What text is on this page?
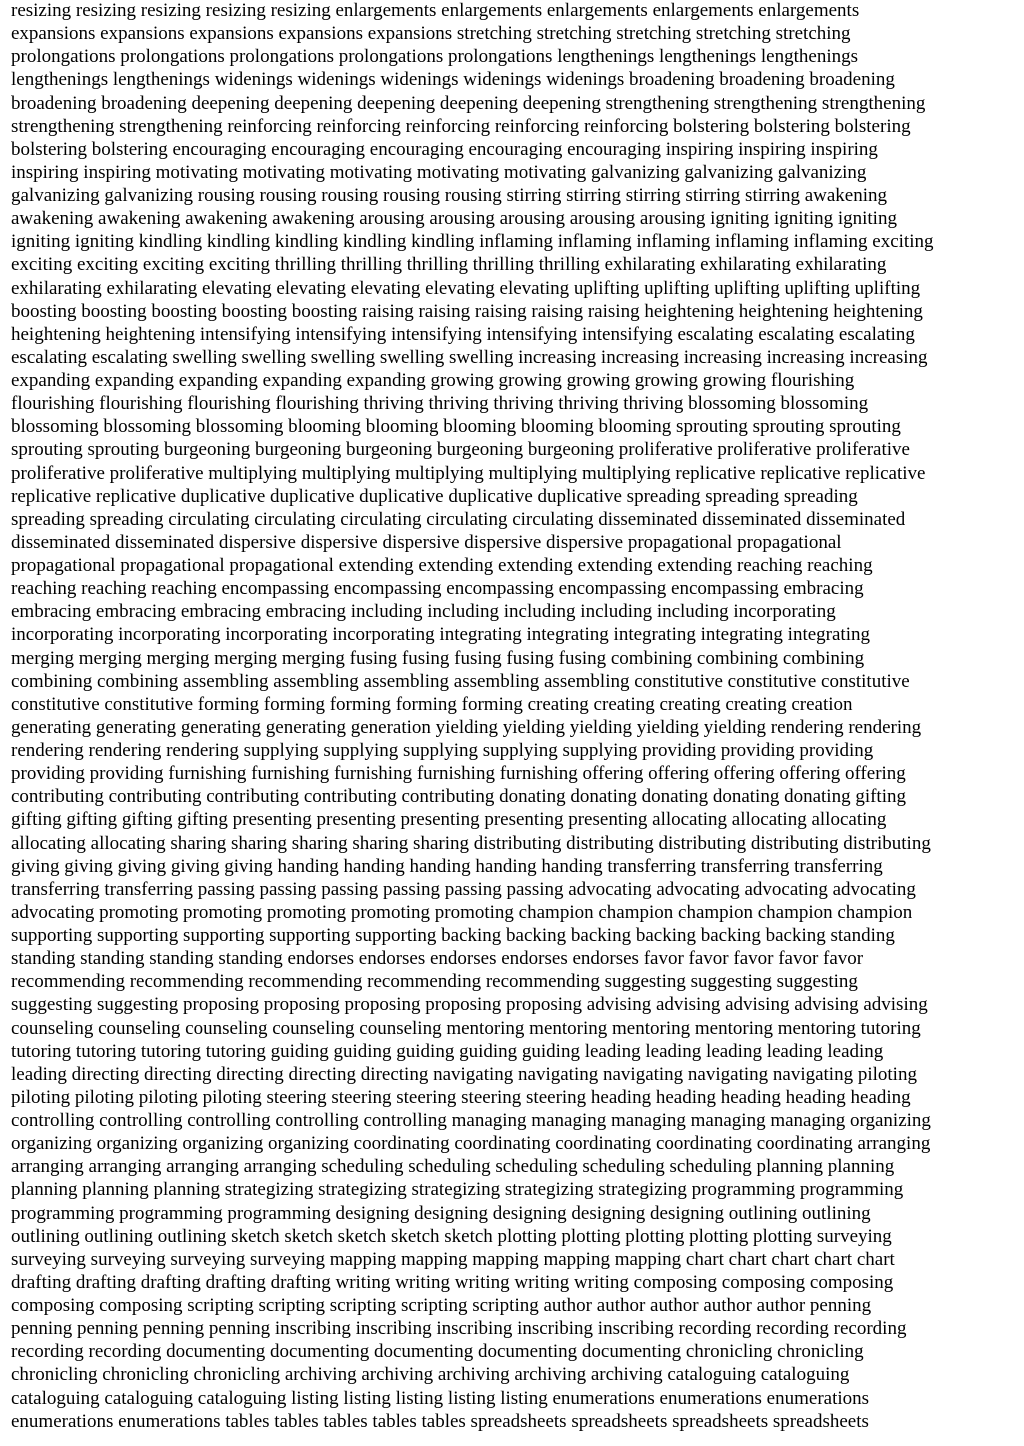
resizing resizing resizing resizing resizing enlargements enlargements enlargements enlargements enlargements
expansions expansions expansions expansions expansions stretching stretching stretching stretching stretching
prolongations prolongations prolongations prolongations prolongations lengthenings lengthenings lengthenings
lengthenings lengthenings widenings widenings widenings widenings widenings broadening broadening broadening
broadening broadening deepening deepening deepening deepening deepening strengthening strengthening strengthening
strengthening strengthening reinforcing reinforcing reinforcing reinforcing reinforcing bolstering bolstering bolstering
bolstering bolstering encouraging encouraging encouraging encouraging encouraging inspiring inspiring inspiring
inspiring inspiring motivating motivating motivating motivating motivating galvanizing galvanizing galvanizing
galvanizing galvanizing rousing rousing rousing rousing rousing stirring stirring stirring stirring stirring awakening
awakening awakening awakening awakening arousing arousing arousing arousing arousing igniting igniting igniting
igniting igniting kindling kindling kindling kindling kindling inflaming inflaming inflaming inflaming inflaming exciting
exciting exciting exciting exciting thrilling thrilling thrilling thrilling thrilling exhilarating exhilarating exhilarating
exhilarating exhilarating elevating elevating elevating elevating elevating uplifting uplifting uplifting uplifting uplifting
boosting boosting boosting boosting boosting raising raising raising raising raising heightening heightening heightening
heightening heightening intensifying intensifying intensifying intensifying intensifying escalating escalating escalating
escalating escalating swelling swelling swelling swelling swelling increasing increasing increasing increasing increasing
expanding expanding expanding expanding expanding growing growing growing growing growing flourishing
flourishing flourishing flourishing flourishing thriving thriving thriving thriving thriving blossoming blossoming
blossoming blossoming blossoming blooming blooming blooming blooming blooming sprouting sprouting sprouting
sprouting sprouting burgeoning burgeoning burgeoning burgeoning burgeoning proliferative proliferative proliferative
proliferative proliferative multiplying multiplying multiplying multiplying multiplying replicative replicative replicative
replicative replicative duplicative duplicative duplicative duplicative duplicative spreading spreading spreading
spreading spreading circulating circulating circulating circulating circulating disseminated disseminated disseminated
disseminated disseminated dispersive dispersive dispersive dispersive dispersive propagational propagational
propagational propagational propagational extending extending extending extending extending reaching reaching
reaching reaching reaching encompassing encompassing encompassing encompassing encompassing embracing
embracing embracing embracing embracing including including including including including incorporating
incorporating incorporating incorporating incorporating integrating integrating integrating integrating integrating
merging merging merging merging merging fusing fusing fusing fusing fusing combining combining combining
combining combining assembling assembling assembling assembling assembling constitutive constitutive constitutive
constitutive constitutive forming forming forming forming forming creating creating creating creating creation
generating generating generating generating generation yielding yielding yielding yielding yielding rendering rendering
rendering rendering rendering supplying supplying supplying supplying supplying providing providing providing
providing providing furnishing furnishing furnishing furnishing furnishing offering offering offering offering offering
contributing contributing contributing contributing contributing donating donating donating donating donating gifting
gifting gifting gifting gifting presenting presenting presenting presenting presenting allocating allocating allocating
allocating allocating sharing sharing sharing sharing sharing distributing distributing distributing distributing distributing
giving giving giving giving giving handing handing handing handing handing transferring transferring transferring
transferring transferring passing passing passing passing passing passing advocating advocating advocating advocating
advocating promoting promoting promoting promoting promoting champion champion champion champion champion
supporting supporting supporting supporting supporting backing backing backing backing backing backing standing
standing standing standing standing endorses endorses endorses endorses endorses favor favor favor favor favor
recommending recommending recommending recommending recommending suggesting suggesting suggesting
suggesting suggesting proposing proposing proposing proposing proposing advising advising advising advising advising
counseling counseling counseling counseling counseling mentoring mentoring mentoring mentoring mentoring tutoring
tutoring tutoring tutoring tutoring guiding guiding guiding guiding guiding leading leading leading leading leading
leading directing directing directing directing directing navigating navigating navigating navigating navigating piloting
piloting piloting piloting piloting steering steering steering steering steering heading heading heading heading heading
controlling controlling controlling controlling controlling managing managing managing managing managing organizing
organizing organizing organizing organizing coordinating coordinating coordinating coordinating coordinating arranging
arranging arranging arranging arranging scheduling scheduling scheduling scheduling scheduling planning planning
planning planning planning strategizing strategizing strategizing strategizing strategizing programming programming
programming programming programming designing designing designing designing designing outlining outlining
outlining outlining outlining sketch sketch sketch sketch sketch plotting plotting plotting plotting plotting surveying
surveying surveying surveying surveying mapping mapping mapping mapping mapping chart chart chart chart chart
drafting drafting drafting drafting drafting writing writing writing writing writing composing composing composing
composing composing scripting scripting scripting scripting scripting author author author author author penning
penning penning penning penning inscribing inscribing inscribing inscribing inscribing recording recording recording
recording recording documenting documenting documenting documenting documenting chronicling chronicling
chronicling chronicling chronicling archiving archiving archiving archiving archiving cataloguing cataloguing
cataloguing cataloguing cataloguing listing listing listing listing listing enumerations enumerations enumerations
enumerations enumerations tables tables tables tables tables spreadsheets spreadsheets spreadsheets spreadsheets
